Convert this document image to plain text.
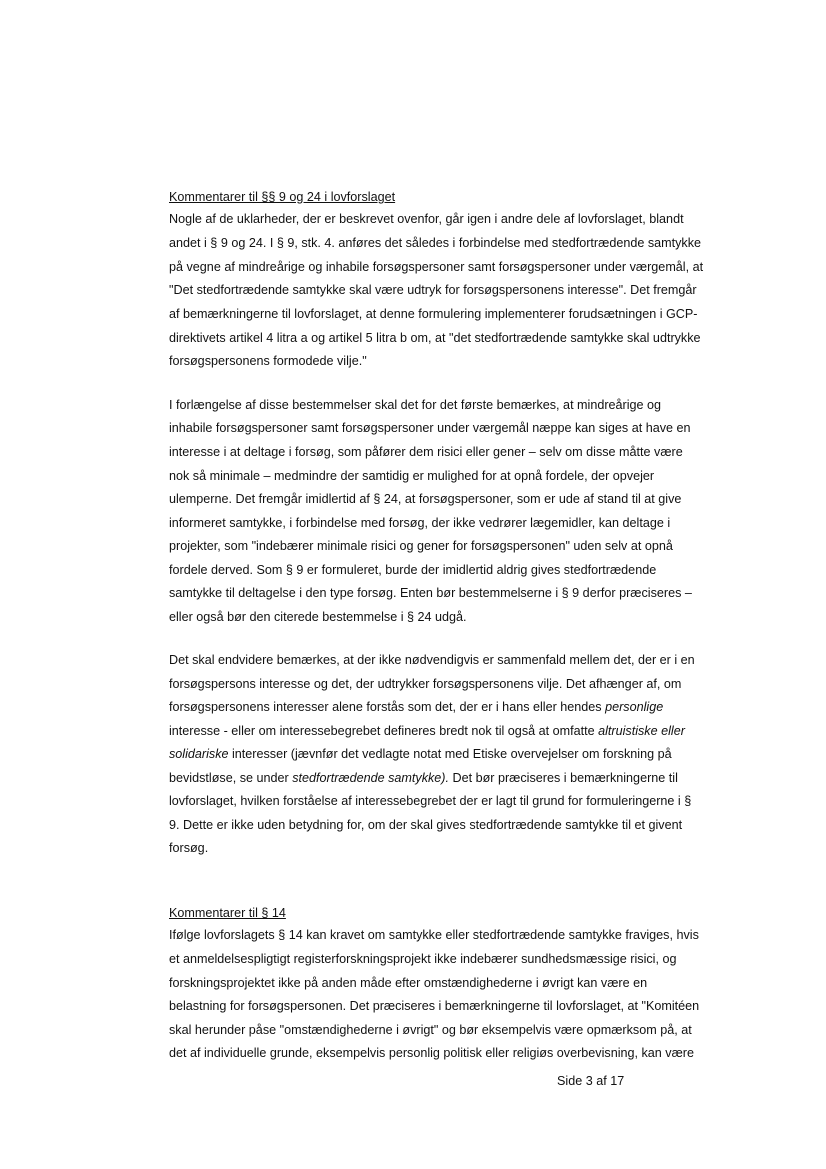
Kommentarer til §§ 9 og 24 i lovforslaget
Nogle af de uklarheder, der er beskrevet ovenfor, går igen i andre dele af lovforslaget, blandt
andet i § 9 og 24. I § 9, stk. 4. anføres det således i forbindelse med stedfortrædende samtykke
på vegne af mindreårige og inhabile forsøgspersoner samt forsøgspersoner under værgemål, at
"Det stedfortrædende samtykke skal være udtryk for forsøgspersonens interesse". Det fremgår
af bemærkningerne til lovforslaget, at denne formulering implementerer forudsætningen i GCP-
direktivets artikel 4 litra a og artikel 5 litra b om, at "det stedfortrædende samtykke skal udtrykke
forsøgspersonens formodede vilje."
I forlængelse af disse bestemmelser skal det for det første bemærkes, at mindreårige og
inhabile forsøgspersoner samt forsøgspersoner under værgemål næppe kan siges at have en
interesse i at deltage i forsøg, som påfører dem risici eller gener – selv om disse måtte være
nok så minimale – medmindre der samtidig er mulighed for at opnå fordele, der opvejer
ulemperne. Det fremgår imidlertid af § 24, at forsøgspersoner, som er ude af stand til at give
informeret samtykke, i forbindelse med forsøg, der ikke vedrører lægemidler, kan deltage i
projekter, som "indebærer minimale risici og gener for forsøgspersonen" uden selv at opnå
fordele derved. Som § 9 er formuleret, burde der imidlertid aldrig gives stedfortrædende
samtykke til deltagelse i den type forsøg. Enten bør bestemmelserne i § 9 derfor præciseres –
eller også bør den citerede bestemmelse i § 24 udgå.
Det skal endvidere bemærkes, at der ikke nødvendigvis er sammenfald mellem det, der er i en
forsøgspersons interesse og det, der udtrykker forsøgspersonens vilje. Det afhænger af, om
forsøgspersonens interesser alene forstås som det, der er i hans eller hendes personlige
interesse - eller om interessebegrebet defineres bredt nok til også at omfatte altruistiske eller
solidariske interesser (jævnfør det vedlagte notat med Etiske overvejelser om forskning på
bevidstløse, se under stedfortrædende samtykke). Det bør præciseres i bemærkningerne til
lovforslaget, hvilken forståelse af interessebegrebet der er lagt til grund for formuleringerne i §
9. Dette er ikke uden betydning for, om der skal gives stedfortrædende samtykke til et givent
forsøg.
Kommentarer til § 14
Ifølge lovforslagets § 14 kan kravet om samtykke eller stedfortrædende samtykke fraviges, hvis
et anmeldelsespligtigt registerforskningsprojekt ikke indebærer sundhedsmæssige risici, og
forskningsprojektet ikke på anden måde efter omstændighederne i øvrigt kan være en
belastning for forsøgspersonen. Det præciseres i bemærkningerne til lovforslaget, at "Komitéen
skal herunder påse "omstændighederne i øvrigt" og bør eksempelvis være opmærksom på, at
det af individuelle grunde, eksempelvis personlig politisk eller religiøs overbevisning, kan være
Side 3 af 17
